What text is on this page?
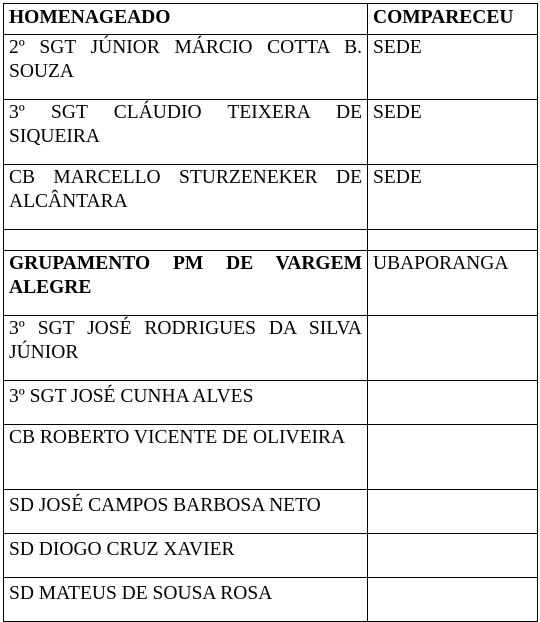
HOMENAGEADO	COMPARECEU
2º SGT JÚNIOR MÁRCIO COTTA B. SOUZA	SEDE
3º SGT CLÁUDIO TEIXERA DE SIQUEIRA	SEDE
CB MARCELLO STURZENEKER DE ALCÂNTARA	SEDE

GRUPAMENTO PM DE VARGEM ALEGRE	UBAPORANGA
3º SGT JOSÉ RODRIGUES DA SILVA JÚNIOR	
3º SGT JOSÉ CUNHA ALVES	
CB ROBERTO VICENTE DE OLIVEIRA	
SD JOSÉ CAMPOS BARBOSA NETO	
SD DIOGO CRUZ XAVIER	
SD MATEUS DE SOUSA ROSA	
